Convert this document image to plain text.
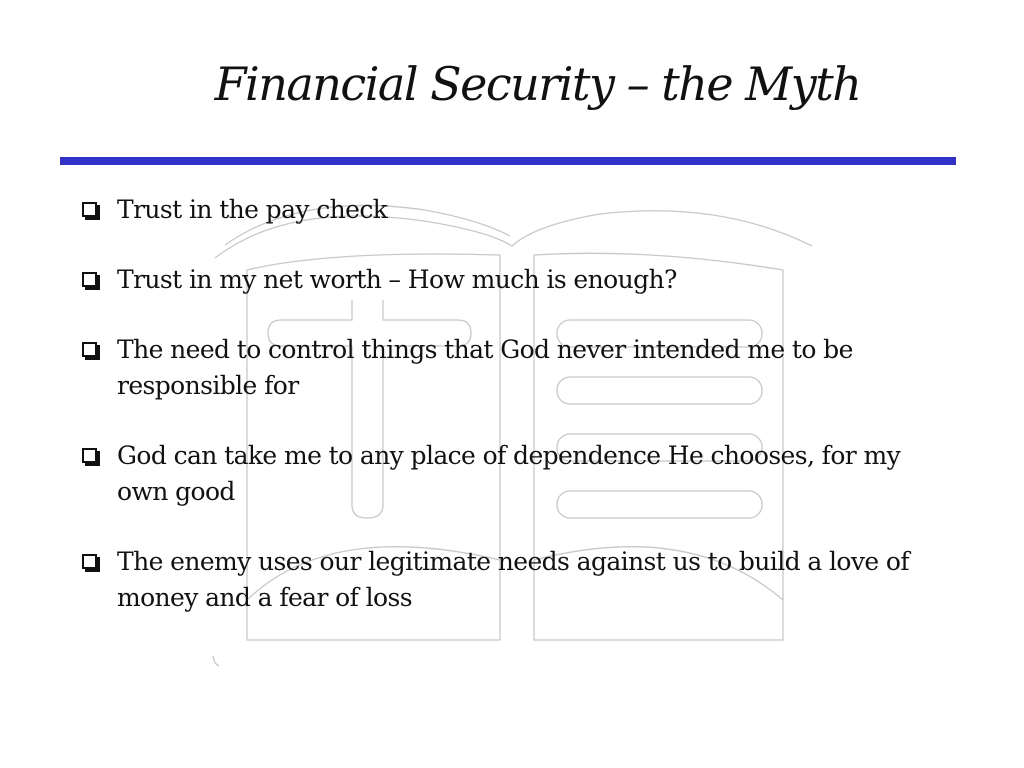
Financial Security – the Myth
Trust in the pay check
Trust in my net worth – How much is enough?
The need to control things that God never intended me to be responsible for
God can take me to any place of dependence He chooses, for my own good
The enemy uses our legitimate needs against us to build a love of money and a fear of loss
